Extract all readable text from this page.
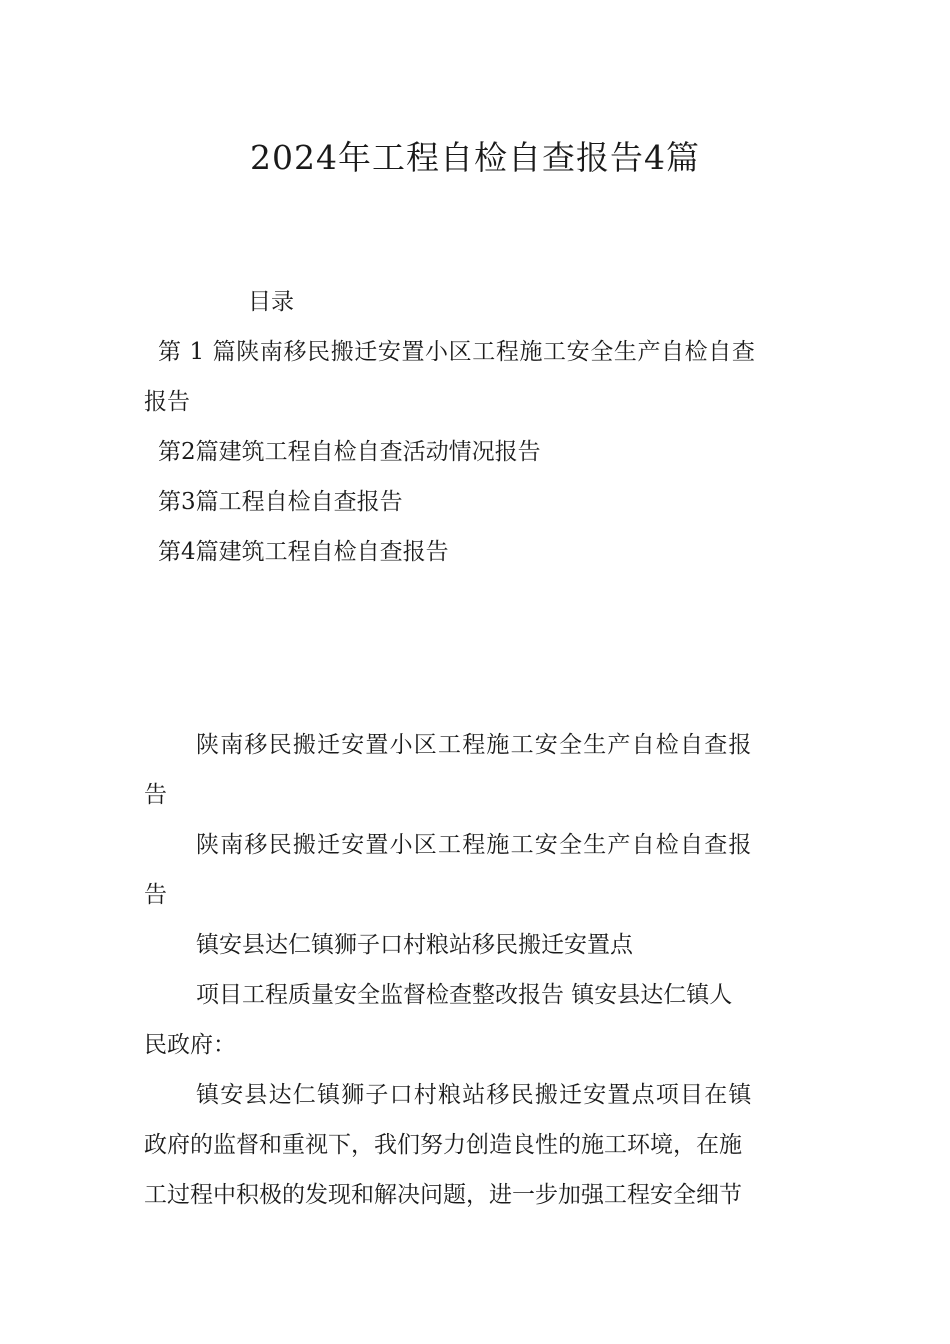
2024年工程自检自查报告4篇
目录
第 1 篇陕南移民搬迁安置小区工程施工安全生产自检自查
报告
第2篇建筑工程自检自查活动情况报告
第3篇工程自检自查报告
第4篇建筑工程自检自查报告

陕南移民搬迁安置小区工程施工安全生产自检自查报
告

陕南移民搬迁安置小区工程施工安全生产自检自查报
告

镇安县达仁镇狮子口村粮站移民搬迁安置点

项目工程质量安全监督检查整改报告 镇安县达仁镇人
民政府：

镇安县达仁镇狮子口村粮站移民搬迁安置点项目在镇
政府的监督和重视下，我们努力创造良性的施工环境，在施
工过程中积极的发现和解决问题，进一步加强工程安全细节
